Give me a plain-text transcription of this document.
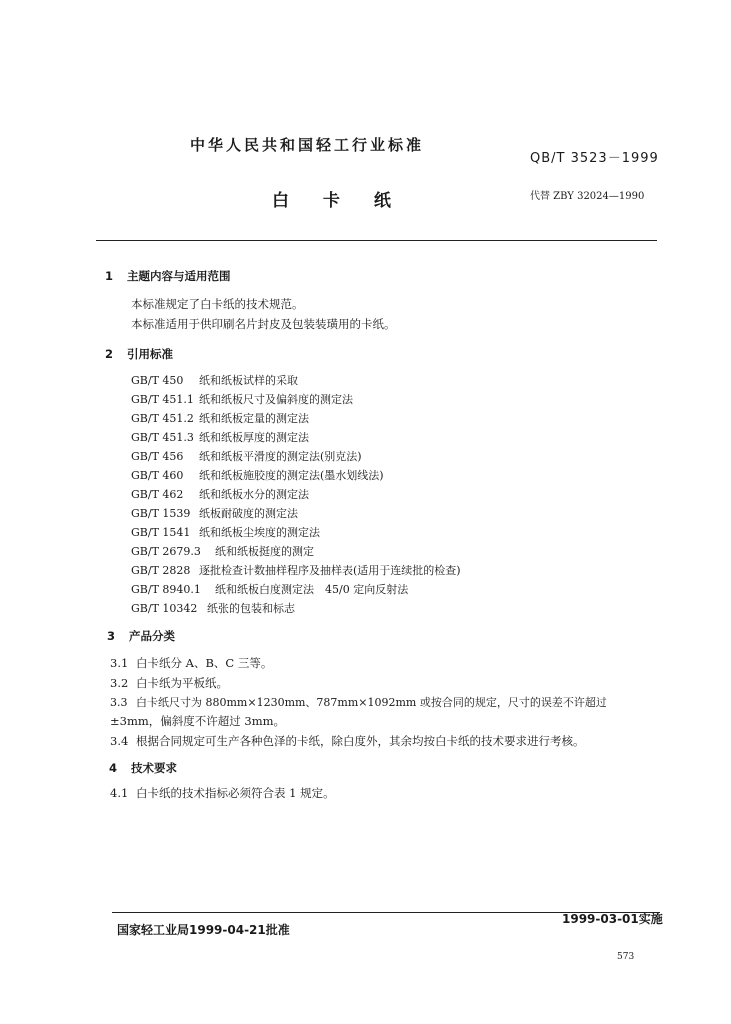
中华人民共和国轻工行业标准
QB/T 3523－1999
白 卡 纸	代替 ZBY 32024—1990
1 主题内容与适用范围
本标准规定了白卡纸的技术规范。
本标准适用于供印刷名片封皮及包装装璜用的卡纸。
2 引用标准
GB/T 450 纸和纸板试样的采取
GB/T 451.1 纸和纸板尺寸及偏斜度的测定法
GB/T 451.2 纸和纸板定量的测定法
GB/T 451.3 纸和纸板厚度的测定法
GB/T 456 纸和纸板平滑度的测定法(别克法)
GB/T 460 纸和纸板施胶度的测定法(墨水划线法)
GB/T 462 纸和纸板水分的测定法
GB/T 1539 纸板耐破度的测定法
GB/T 1541 纸和纸板尘埃度的测定法
GB/T 2679.3 纸和纸板挺度的测定
GB/T 2828 逐批检查计数抽样程序及抽样表(适用于连续批的检查)
GB/T 8940.1 纸和纸板白度测定法　45/0 定向反射法
GB/T 10342 纸张的包装和标志
3 产品分类
3.1 白卡纸分 A、B、C 三等。
3.2 白卡纸为平板纸。
3.3 白卡纸尺寸为 880mm×1230mm、787mm×1092mm 或按合同的规定，尺寸的误差不许超过
±3mm，偏斜度不许超过 3mm。
3.4 根据合同规定可生产各种色泽的卡纸，除白度外，其余均按白卡纸的技术要求进行考核。
4 技术要求
4.1 白卡纸的技术指标必须符合表 1 规定。
1999-03-01实施
国家轻工业局1999-04-21批准
573
